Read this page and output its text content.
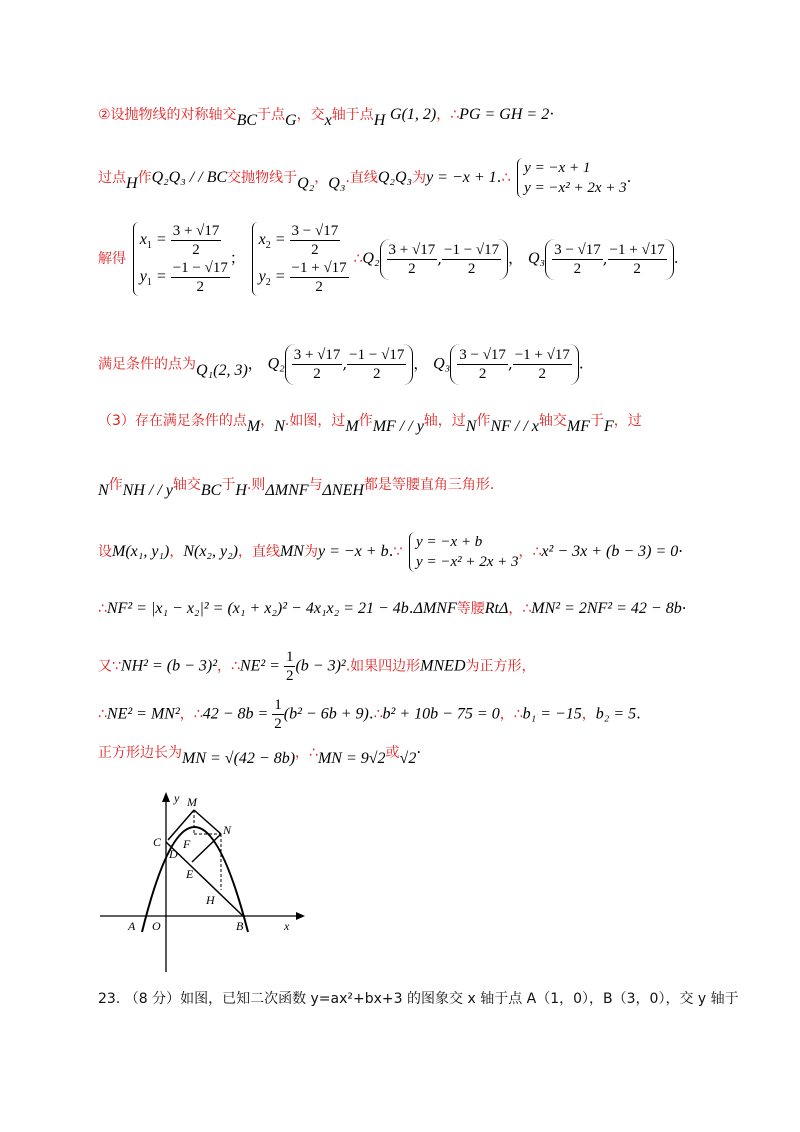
②设抛物线的对称轴交BC于点G，交x轴于点H G(1, 2)，∴PG = GH = 2·
过点H作Q₂Q₃ / / BC交抛物线于Q₂，Q₃.直线Q₂Q₃为y = −x + 1.∴
y = −x + 1
y = −x² + 2x + 3
.
解得
$x_1 = \frac{3 + √17}{2}$
$y_1 = \frac{-1 - √17}{2}$
；
$x_2 = \frac{3 - √17}{2}$
$y_2 = \frac{-1 + √17}{2}$ ∴Q₂ $\frac{3 + √17}{2}$ , $\frac{-1 - √17}{2}$ ， $Q_3 \frac{3 - √17}{2}$ , $\frac{-1 + √17}{2}$ .
满足条件的点为Q₁(2, 3)， $Q_2 \frac{3 + √17}{2}$ , $\frac{-1 - √17}{2}$ ， $Q_3 \frac{3 - √17}{2}$ , $\frac{-1 + √17}{2}$ .
（3）存在满足条件的点M，N.如图，过M作MF / / y轴，过N作NF / / x轴交MF于F，过
N作NH / / y轴交BC于H.则ΔMNF与ΔNEH都是等腰直角三角形.
设M(x₁, y₁)，N(x₂, y₂)，直线MN为y = −x + b.∵
y = −x + b
y = −x² + 2x + 3
，∴x² − 3x + (b − 3) = 0·
∴NF² = |x₁ − x₂|² = (x₁ + x₂)² − 4x₁x₂ = 21 − 4b.ΔMNF等腰RtΔ，∴MN² = 2NF² = 42 − 8b·
又∵NH² = (b − 3)²，∴NE² = $\frac{1}{2} (b - 3)^2$.如果四边形MNED为正方形，
∴NE² = MN²，∴42 − $8b = \frac{1}{2} (b^2 - 6b$ + 9).∴b² + 10b − 75 = 0，∴b₁ = −15，b₂ = 5.
正方形边长为MN = √(42 − 8b)，∴MN = 9√2或√2·
y
x
M
N
C F
D
E
H
A O	B
23. （8 分）如图，已知二次函数 y=ax²+bx+3 的图象交 x 轴于点 A（1，0），B（3，0），交 y 轴于
